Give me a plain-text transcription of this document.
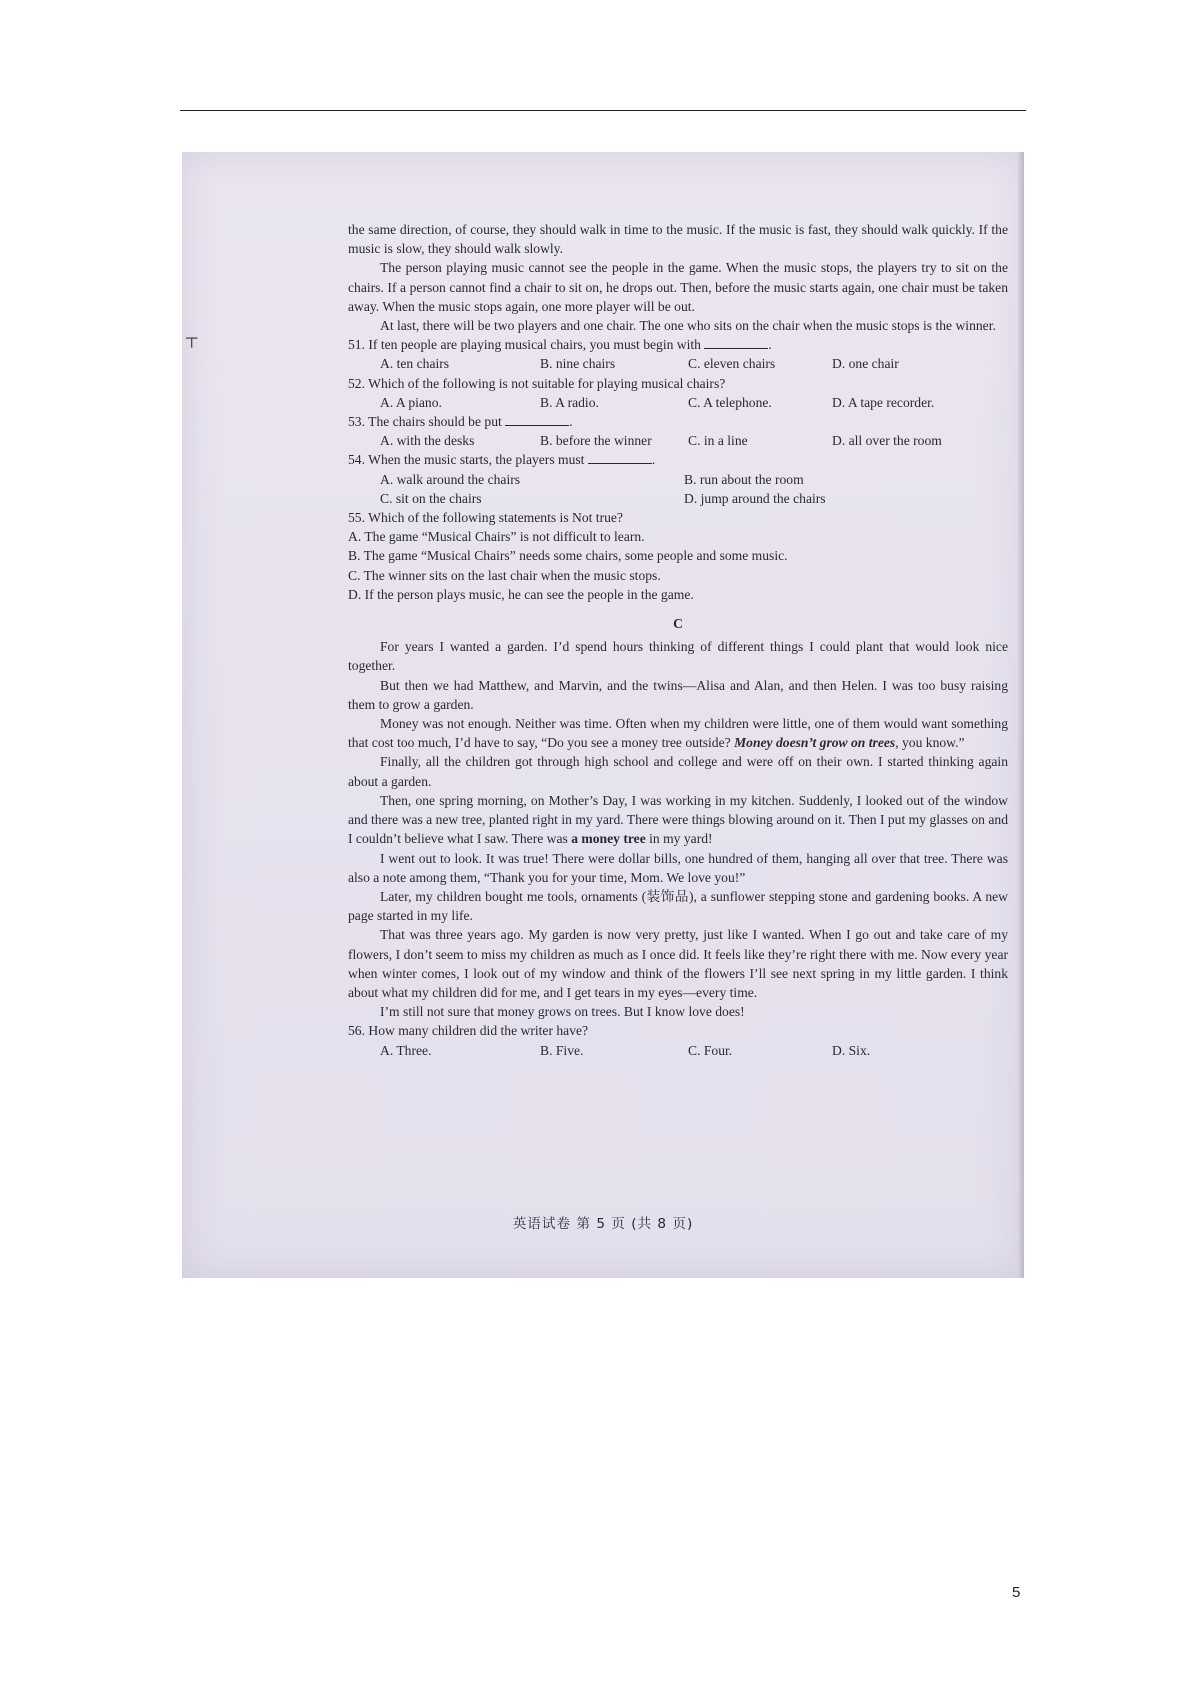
┬

the same direction, of course, they should walk in time to the music. If the music is fast, they should walk quickly. If the music is slow, they should walk slowly.

The person playing music cannot see the people in the game. When the music stops, the players try to sit on the chairs. If a person cannot find a chair to sit on, he drops out. Then, before the music starts again, one chair must be taken away. When the music stops again, one more player will be out.

At last, there will be two players and one chair. The one who sits on the chair when the music stops is the winner.

51. If ten people are playing musical chairs, you must begin with	.

A. ten chairs	B. nine chairs	C. eleven chairs	D. one chair

52. Which of the following is not suitable for playing musical chairs?

A. A piano.	B. A radio.	C. A telephone.	D. A tape recorder.

53. The chairs should be put	.

A. with the desks	B. before the winner	C. in a line	D. all over the room

54. When the music starts, the players must	.

A. walk around the chairs	B. run about the room
C. sit on the chairs	D. jump around the chairs

55. Which of the following statements is Not true?

A. The game “Musical Chairs” is not difficult to learn.

B. The game “Musical Chairs” needs some chairs, some people and some music.

C. The winner sits on the last chair when the music stops.

D. If the person plays music, he can see the people in the game.

C

For years I wanted a garden. I’d spend hours thinking of different things I could plant that would look nice together.

But then we had Matthew, and Marvin, and the twins—Alisa and Alan, and then Helen. I was too busy raising them to grow a garden.

Money was not enough. Neither was time. Often when my children were little, one of them would want something that cost too much, I’d have to say, “Do you see a money tree outside? Money doesn’t grow on trees, you know.”

Finally, all the children got through high school and college and were off on their own. I started thinking again about a garden.

Then, one spring morning, on Mother’s Day, I was working in my kitchen. Suddenly, I looked out of the window and there was a new tree, planted right in my yard. There were things blowing around on it. Then I put my glasses on and I couldn’t believe what I saw. There was a money tree in my yard!

I went out to look. It was true! There were dollar bills, one hundred of them, hanging all over that tree. There was also a note among them, “Thank you for your time, Mom. We love you!”

Later, my children bought me tools, ornaments (装饰品), a sunflower stepping stone and gardening books. A new page started in my life.

That was three years ago. My garden is now very pretty, just like I wanted. When I go out and take care of my flowers, I don’t seem to miss my children as much as I once did. It feels like they’re right there with me. Now every year when winter comes, I look out of my window and think of the flowers I’ll see next spring in my little garden. I think about what my children did for me, and I get tears in my eyes—every time.

I’m still not sure that money grows on trees. But I know love does!

56. How many children did the writer have?

A. Three.	B. Five.	C. Four.	D. Six.
英语试卷 第 5 页 (共 8 页)
5
